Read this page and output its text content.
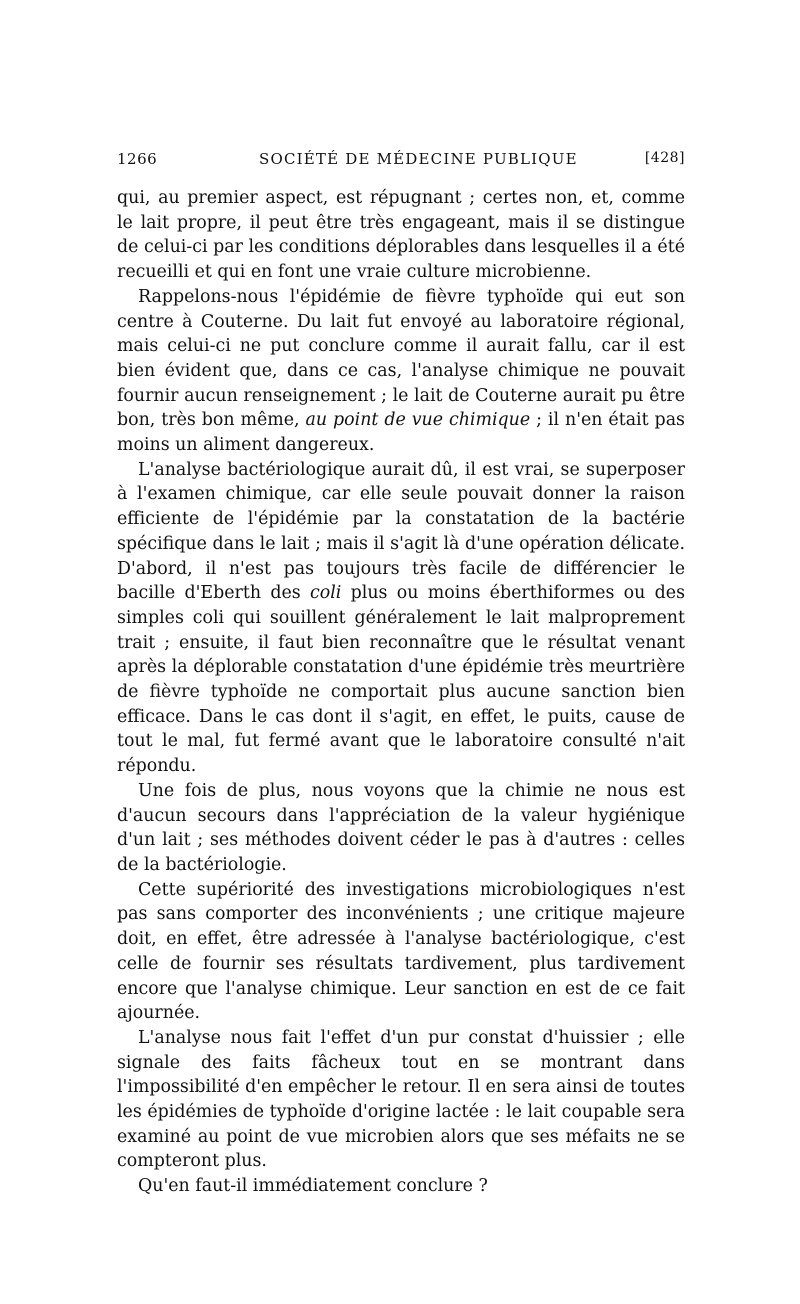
1266	SOCIÉTÉ DE MÉDECINE PUBLIQUE	[428]

qui, au premier aspect, est répugnant ; certes non, et, comme le lait propre, il peut être très engageant, mais il se distingue de celui-ci par les conditions déplorables dans lesquelles il a été recueilli et qui en font une vraie culture microbienne.

Rappelons-nous l'épidémie de fièvre typhoïde qui eut son centre à Couterne. Du lait fut envoyé au laboratoire régional, mais celui-ci ne put conclure comme il aurait fallu, car il est bien évident que, dans ce cas, l'analyse chimique ne pouvait fournir aucun renseignement ; le lait de Couterne aurait pu être bon, très bon même, au point de vue chimique ; il n'en était pas moins un aliment dangereux.

L'analyse bactériologique aurait dû, il est vrai, se superposer à l'examen chimique, car elle seule pouvait donner la raison efficiente de l'épidémie par la constatation de la bactérie spécifique dans le lait ; mais il s'agit là d'une opération délicate. D'abord, il n'est pas toujours très facile de différencier le bacille d'Eberth des coli plus ou moins éberthiformes ou des simples coli qui souillent généralement le lait malproprement trait ; ensuite, il faut bien reconnaître que le résultat venant après la déplorable constatation d'une épidémie très meurtrière de fièvre typhoïde ne comportait plus aucune sanction bien efficace. Dans le cas dont il s'agit, en effet, le puits, cause de tout le mal, fut fermé avant que le laboratoire consulté n'ait répondu.

Une fois de plus, nous voyons que la chimie ne nous est d'aucun secours dans l'appréciation de la valeur hygiénique d'un lait ; ses méthodes doivent céder le pas à d'autres : celles de la bactériologie.

Cette supériorité des investigations microbiologiques n'est pas sans comporter des inconvénients ; une critique majeure doit, en effet, être adressée à l'analyse bactériologique, c'est celle de fournir ses résultats tardivement, plus tardivement encore que l'analyse chimique. Leur sanction en est de ce fait ajournée.

L'analyse nous fait l'effet d'un pur constat d'huissier ; elle signale des faits fâcheux tout en se montrant dans l'impossibilité d'en empêcher le retour. Il en sera ainsi de toutes les épidémies de typhoïde d'origine lactée : le lait coupable sera examiné au point de vue microbien alors que ses méfaits ne se compteront plus.

Qu'en faut-il immédiatement conclure ?
